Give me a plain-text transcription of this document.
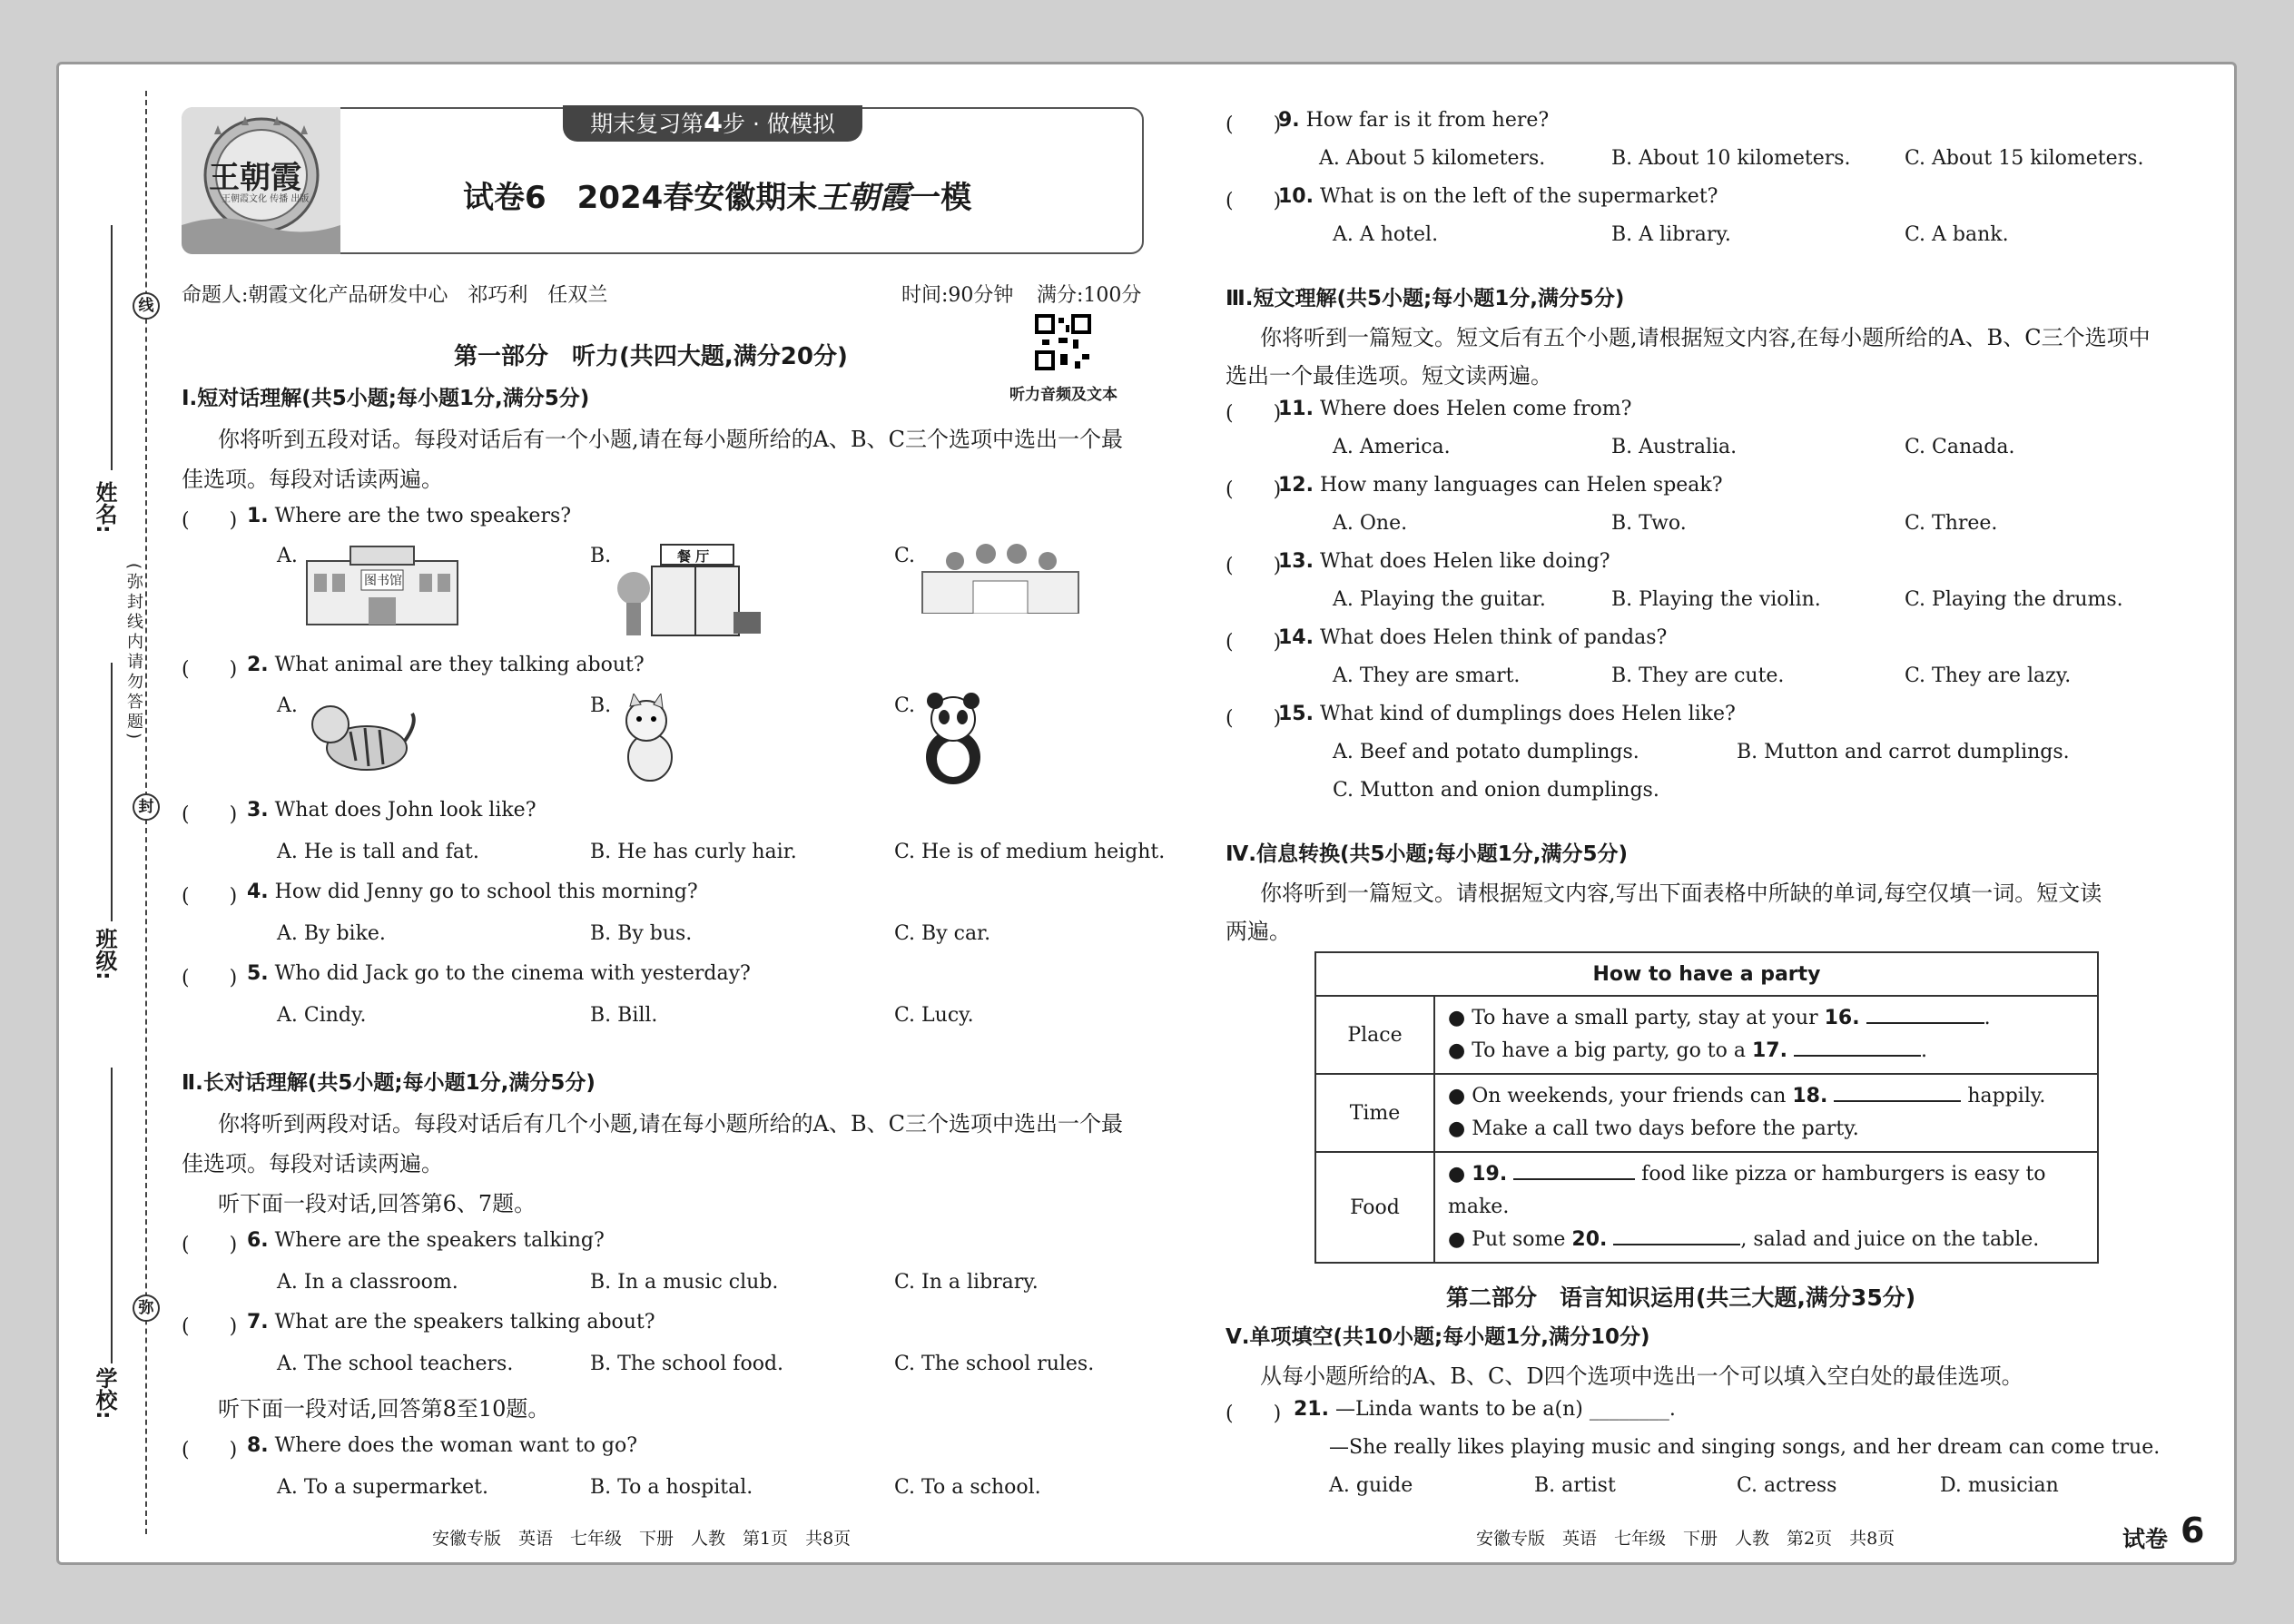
线
封
弥
(弥封线内请勿答题)
姓名:
班级:
学校:
王朝霞
王朝霞文化 传播 出版
期末复习第4步 · 做模拟
试卷6　2024春安徽期末王朝霞一模
命题人:朝霞文化产品研发中心　祁巧利　任双兰	时间:90分钟 满分:100分
听力音频及文本
第一部分　听力(共四大题,满分20分)
Ⅰ.短对话理解(共5小题;每小题1分,满分5分)
你将听到五段对话。每段对话后有一个小题,请在每小题所给的A、B、C三个选项中选出一个最
佳选项。每段对话读两遍。
(　　) 1. Where are the two speakers?
A.	B.	C.
图书馆
餐 厅
(　　) 2. What animal are they talking about?
A.	B.	C.
(　　) 3. What does John look like?
A. He is tall and fat.	B. He has curly hair.	C. He is of medium height.
(　　) 4. How did Jenny go to school this morning?
A. By bike.	B. By bus.	C. By car.
(　　) 5. Who did Jack go to the cinema with yesterday?
A. Cindy.	B. Bill.	C. Lucy.
Ⅱ.长对话理解(共5小题;每小题1分,满分5分)
你将听到两段对话。每段对话后有几个小题,请在每小题所给的A、B、C三个选项中选出一个最
佳选项。每段对话读两遍。
听下面一段对话,回答第6、7题。
(　　) 6. Where are the speakers talking?
A. In a classroom.	B. In a music club.	C. In a library.
(　　) 7. What are the speakers talking about?
A. The school teachers.	B. The school food.	C. The school rules.
听下面一段对话,回答第8至10题。
(　　) 8. Where does the woman want to go?
A. To a supermarket.	B. To a hospital.	C. To a school.
安徽专版　英语　七年级　下册　人教　第1页　共8页
(　　)
9. How far is it from here?
A. About 5 kilometers.	B. About 10 kilometers.	C. About 15 kilometers.
(　　)
10. What is on the left of the supermarket?
A. A hotel.	B. A library.	C. A bank.
Ⅲ.短文理解(共5小题;每小题1分,满分5分)
你将听到一篇短文。短文后有五个小题,请根据短文内容,在每小题所给的A、B、C三个选项中
选出一个最佳选项。短文读两遍。
(　　)
11. Where does Helen come from?
A. America.	B. Australia.	C. Canada.
(　　)
12. How many languages can Helen speak?
A. One.	B. Two.	C. Three.
(　　)
13. What does Helen like doing?
A. Playing the guitar.	B. Playing the violin.	C. Playing the drums.
(　　)
14. What does Helen think of pandas?
A. They are smart.	B. They are cute.	C. They are lazy.
(　　)
15. What kind of dumplings does Helen like?
A. Beef and potato dumplings.	B. Mutton and carrot dumplings.
C. Mutton and onion dumplings.
Ⅳ.信息转换(共5小题;每小题1分,满分5分)
你将听到一篇短文。请根据短文内容,写出下面表格中所缺的单词,每空仅填一词。短文读
两遍。
How to have a party	
Place	● To have a small party, stay at your 16. .
● To have a big party, go to a 17. .

Time	● On weekends, your friends can 18. happily.
● Make a call two days before the party.

Food	● 19. food like pizza or hamburgers is easy to make.
● Put some 20. , salad and juice on the table.
第二部分　语言知识运用(共三大题,满分35分)
Ⅴ.单项填空(共10小题;每小题1分,满分10分)
从每小题所给的A、B、C、D四个选项中选出一个可以填入空白处的最佳选项。
(　　) 21. —Linda wants to be a(n) ________.
—She really likes playing music and singing songs, and her dream can come true.
A. guide	B. artist	C. actress	D. musician
安徽专版　英语　七年级　下册　人教　第2页　共8页	试卷 6
